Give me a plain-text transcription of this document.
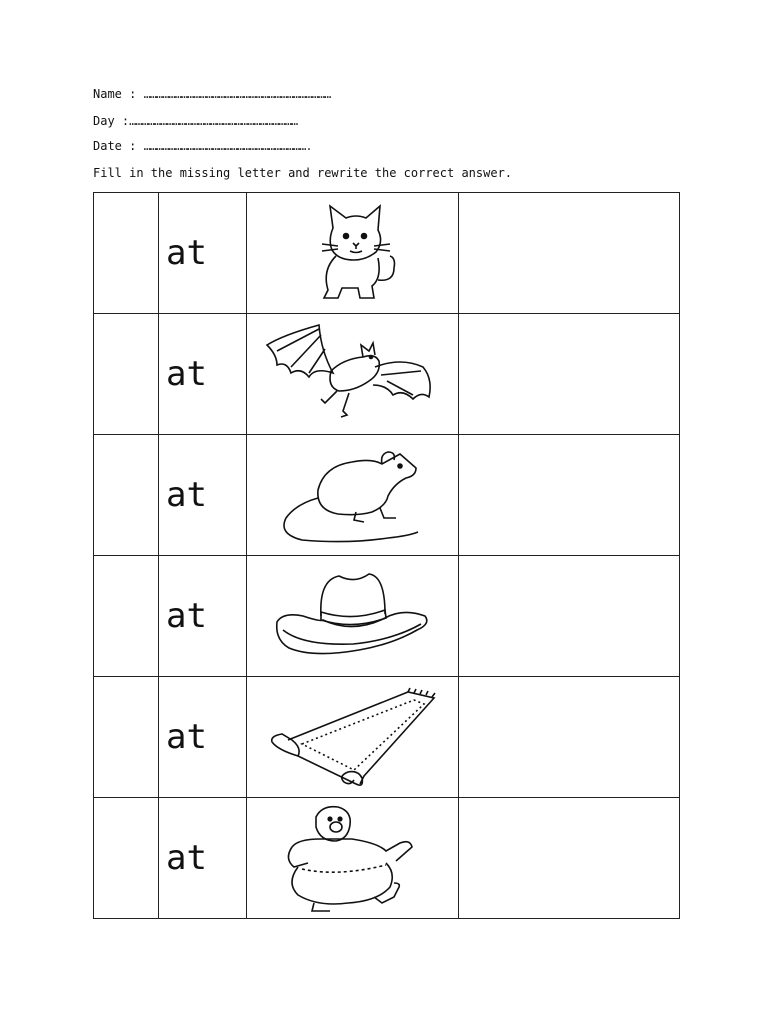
Name : ………………………………………………………………………………
Day :………………………………………………………………………
Date : …………………………………………………………………….
Fill in the missing letter and rewrite the correct answer.
	at		
	at		
	at		
	at		
	at		
	at		
